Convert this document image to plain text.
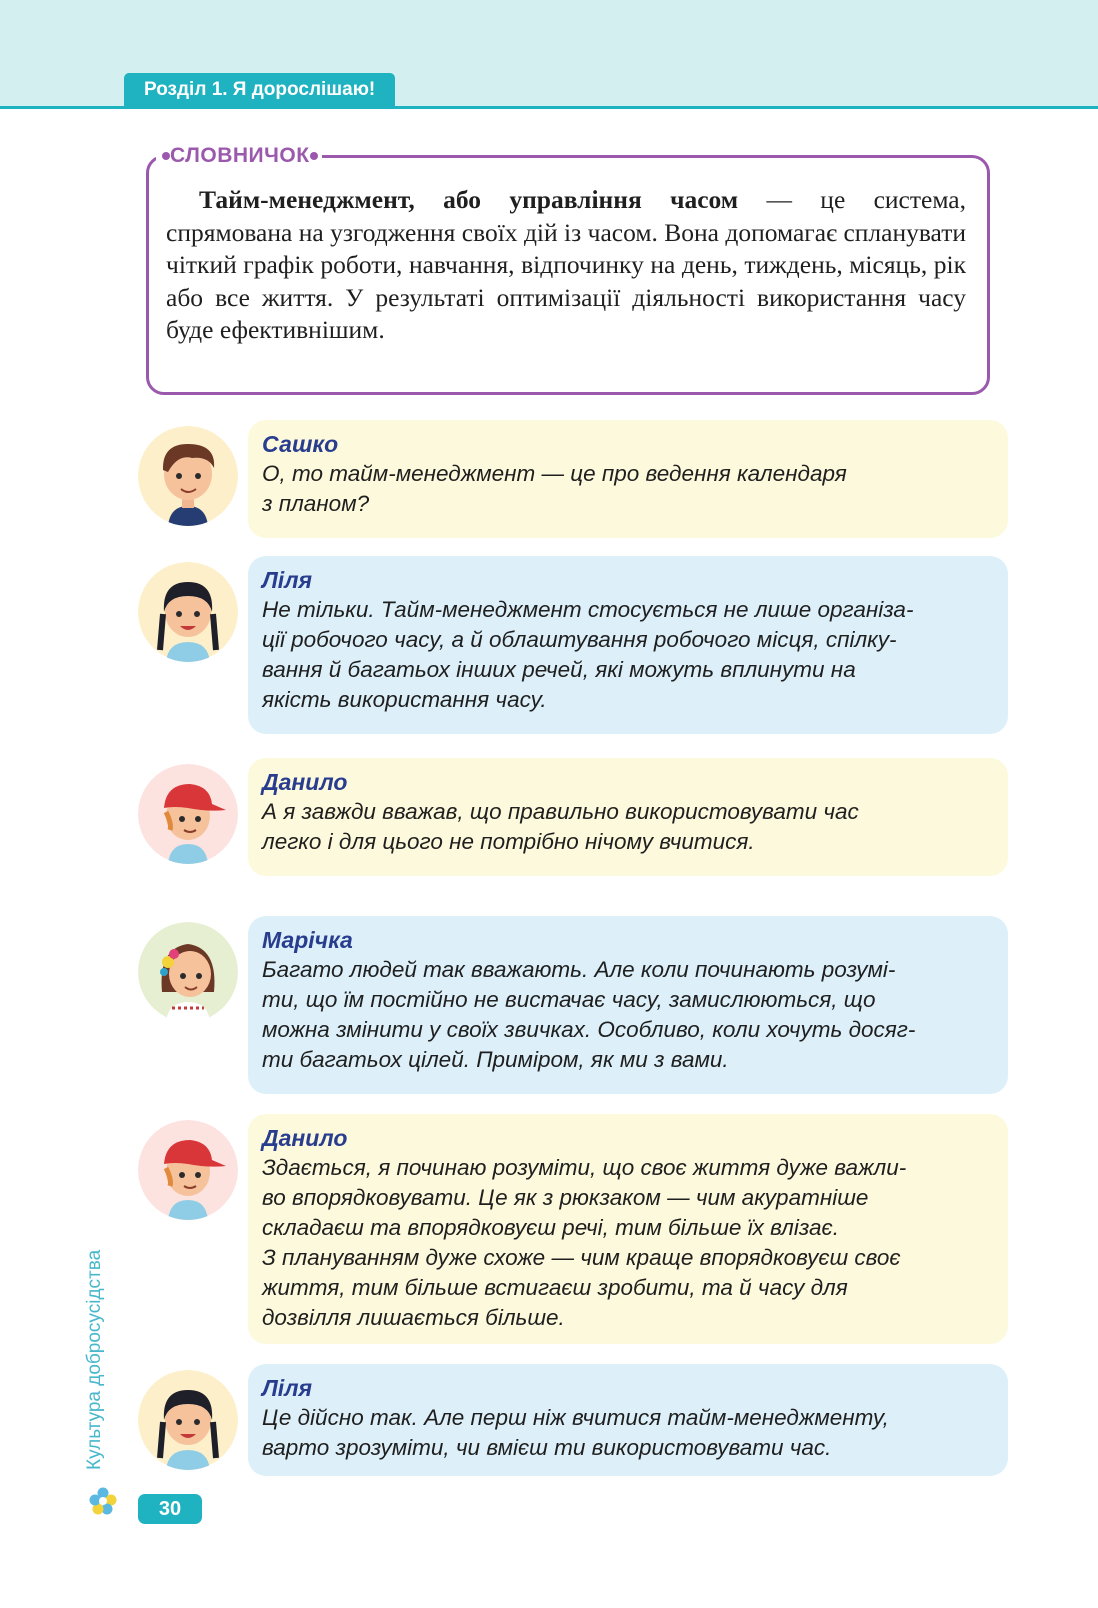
Розділ 1. Я дорослішаю!
СЛОВНИЧОК

Тайм-менеджмент, або управління часом — це система, спрямована на узгодження своїх дій із часом. Вона допомагає спланувати чіткий графік роботи, навчання, відпочинку на день, тиждень, місяць, рік або все життя. У результаті оптимізації діяльності використання часу буде ефективнішим.

Сашко
О, то тайм-менеджмент — це про ведення календаря
з планом?
Ліля
Не тільки. Тайм-менеджмент стосується не лише організа-
ції робочого часу, а й облаштування робочого місця, спілку-
вання й багатьох інших речей, які можуть вплинути на
якість використання часу.
Данило
А я завжди вважав, що правильно використовувати час
легко і для цього не потрібно нічому вчитися.
Марічка
Багато людей так вважають. Але коли починають розумі-
ти, що їм постійно не вистачає часу, замислюються, що
можна змінити у своїх звичках. Особливо, коли хочуть досяг-
ти багатьох цілей. Приміром, як ми з вами.
Данило
Здається, я починаю розуміти, що своє життя дуже важли-
во впорядковувати. Це як з рюкзаком — чим акуратніше
складаєш та впорядковуєш речі, тим більше їх влізає.
З плануванням дуже схоже — чим краще впорядковуєш своє
життя, тим більше встигаєш зробити, та й часу для
дозвілля лишається більше.
Ліля
Це дійсно так. Але перш ніж вчитися тайм-менеджменту,
варто зрозуміти, чи вмієш ти використовувати час.
Культура добросусідства
30
